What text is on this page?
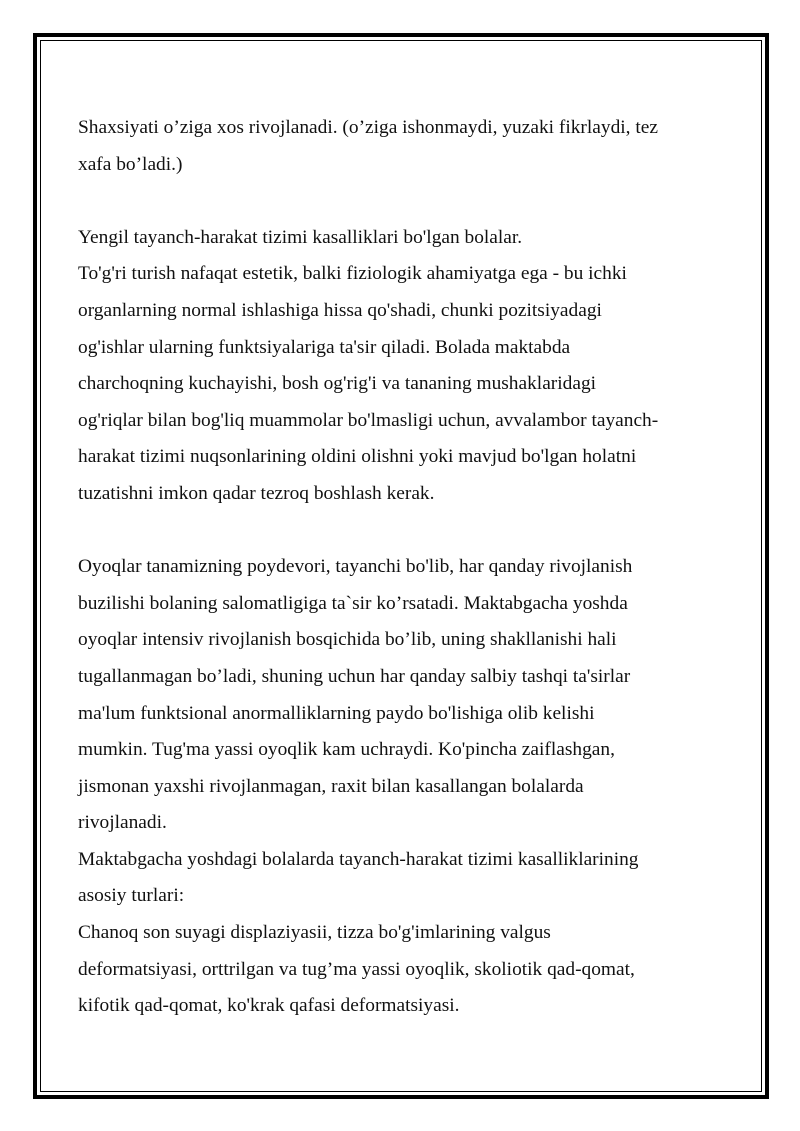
Shaxsiyati o’ziga xos rivojlanadi. (o’ziga ishonmaydi, yuzaki fikrlaydi, tez
xafa bo’ladi.)
Yengil tayanch-harakat tizimi kasalliklari bo'lgan bolalar.
To'g'ri turish nafaqat estetik, balki fiziologik ahamiyatga ega - bu ichki
organlarning normal ishlashiga hissa qo'shadi, chunki pozitsiyadagi
og'ishlar ularning funktsiyalariga ta'sir qiladi. Bolada maktabda
charchoqning kuchayishi, bosh og'rig'i va tananing mushaklaridagi
og'riqlar bilan bog'liq muammolar bo'lmasligi uchun, avvalambor tayanch-
harakat tizimi nuqsonlarining oldini olishni yoki mavjud bo'lgan holatni
tuzatishni imkon qadar tezroq boshlash kerak.
Oyoqlar tanamizning poydevori, tayanchi bo'lib, har qanday rivojlanish
buzilishi bolaning salomatligiga ta`sir ko’rsatadi. Maktabgacha yoshda
oyoqlar intensiv rivojlanish bosqichida bo’lib, uning shakllanishi hali
tugallanmagan bo’ladi, shuning uchun har qanday salbiy tashqi ta'sirlar
ma'lum funktsional anormalliklarning paydo bo'lishiga olib kelishi
mumkin. Tug'ma yassi oyoqlik kam uchraydi. Ko'pincha zaiflashgan,
jismonan yaxshi rivojlanmagan, raxit bilan kasallangan bolalarda
rivojlanadi.
Maktabgacha yoshdagi bolalarda tayanch-harakat tizimi kasalliklarining
asosiy turlari:
Chanoq son suyagi displaziyasii, tizza bo'g'imlarining valgus
deformatsiyasi, orttrilgan va tug’ma yassi oyoqlik, skoliotik qad-qomat,
kifotik qad-qomat, ko'krak qafasi deformatsiyasi.
